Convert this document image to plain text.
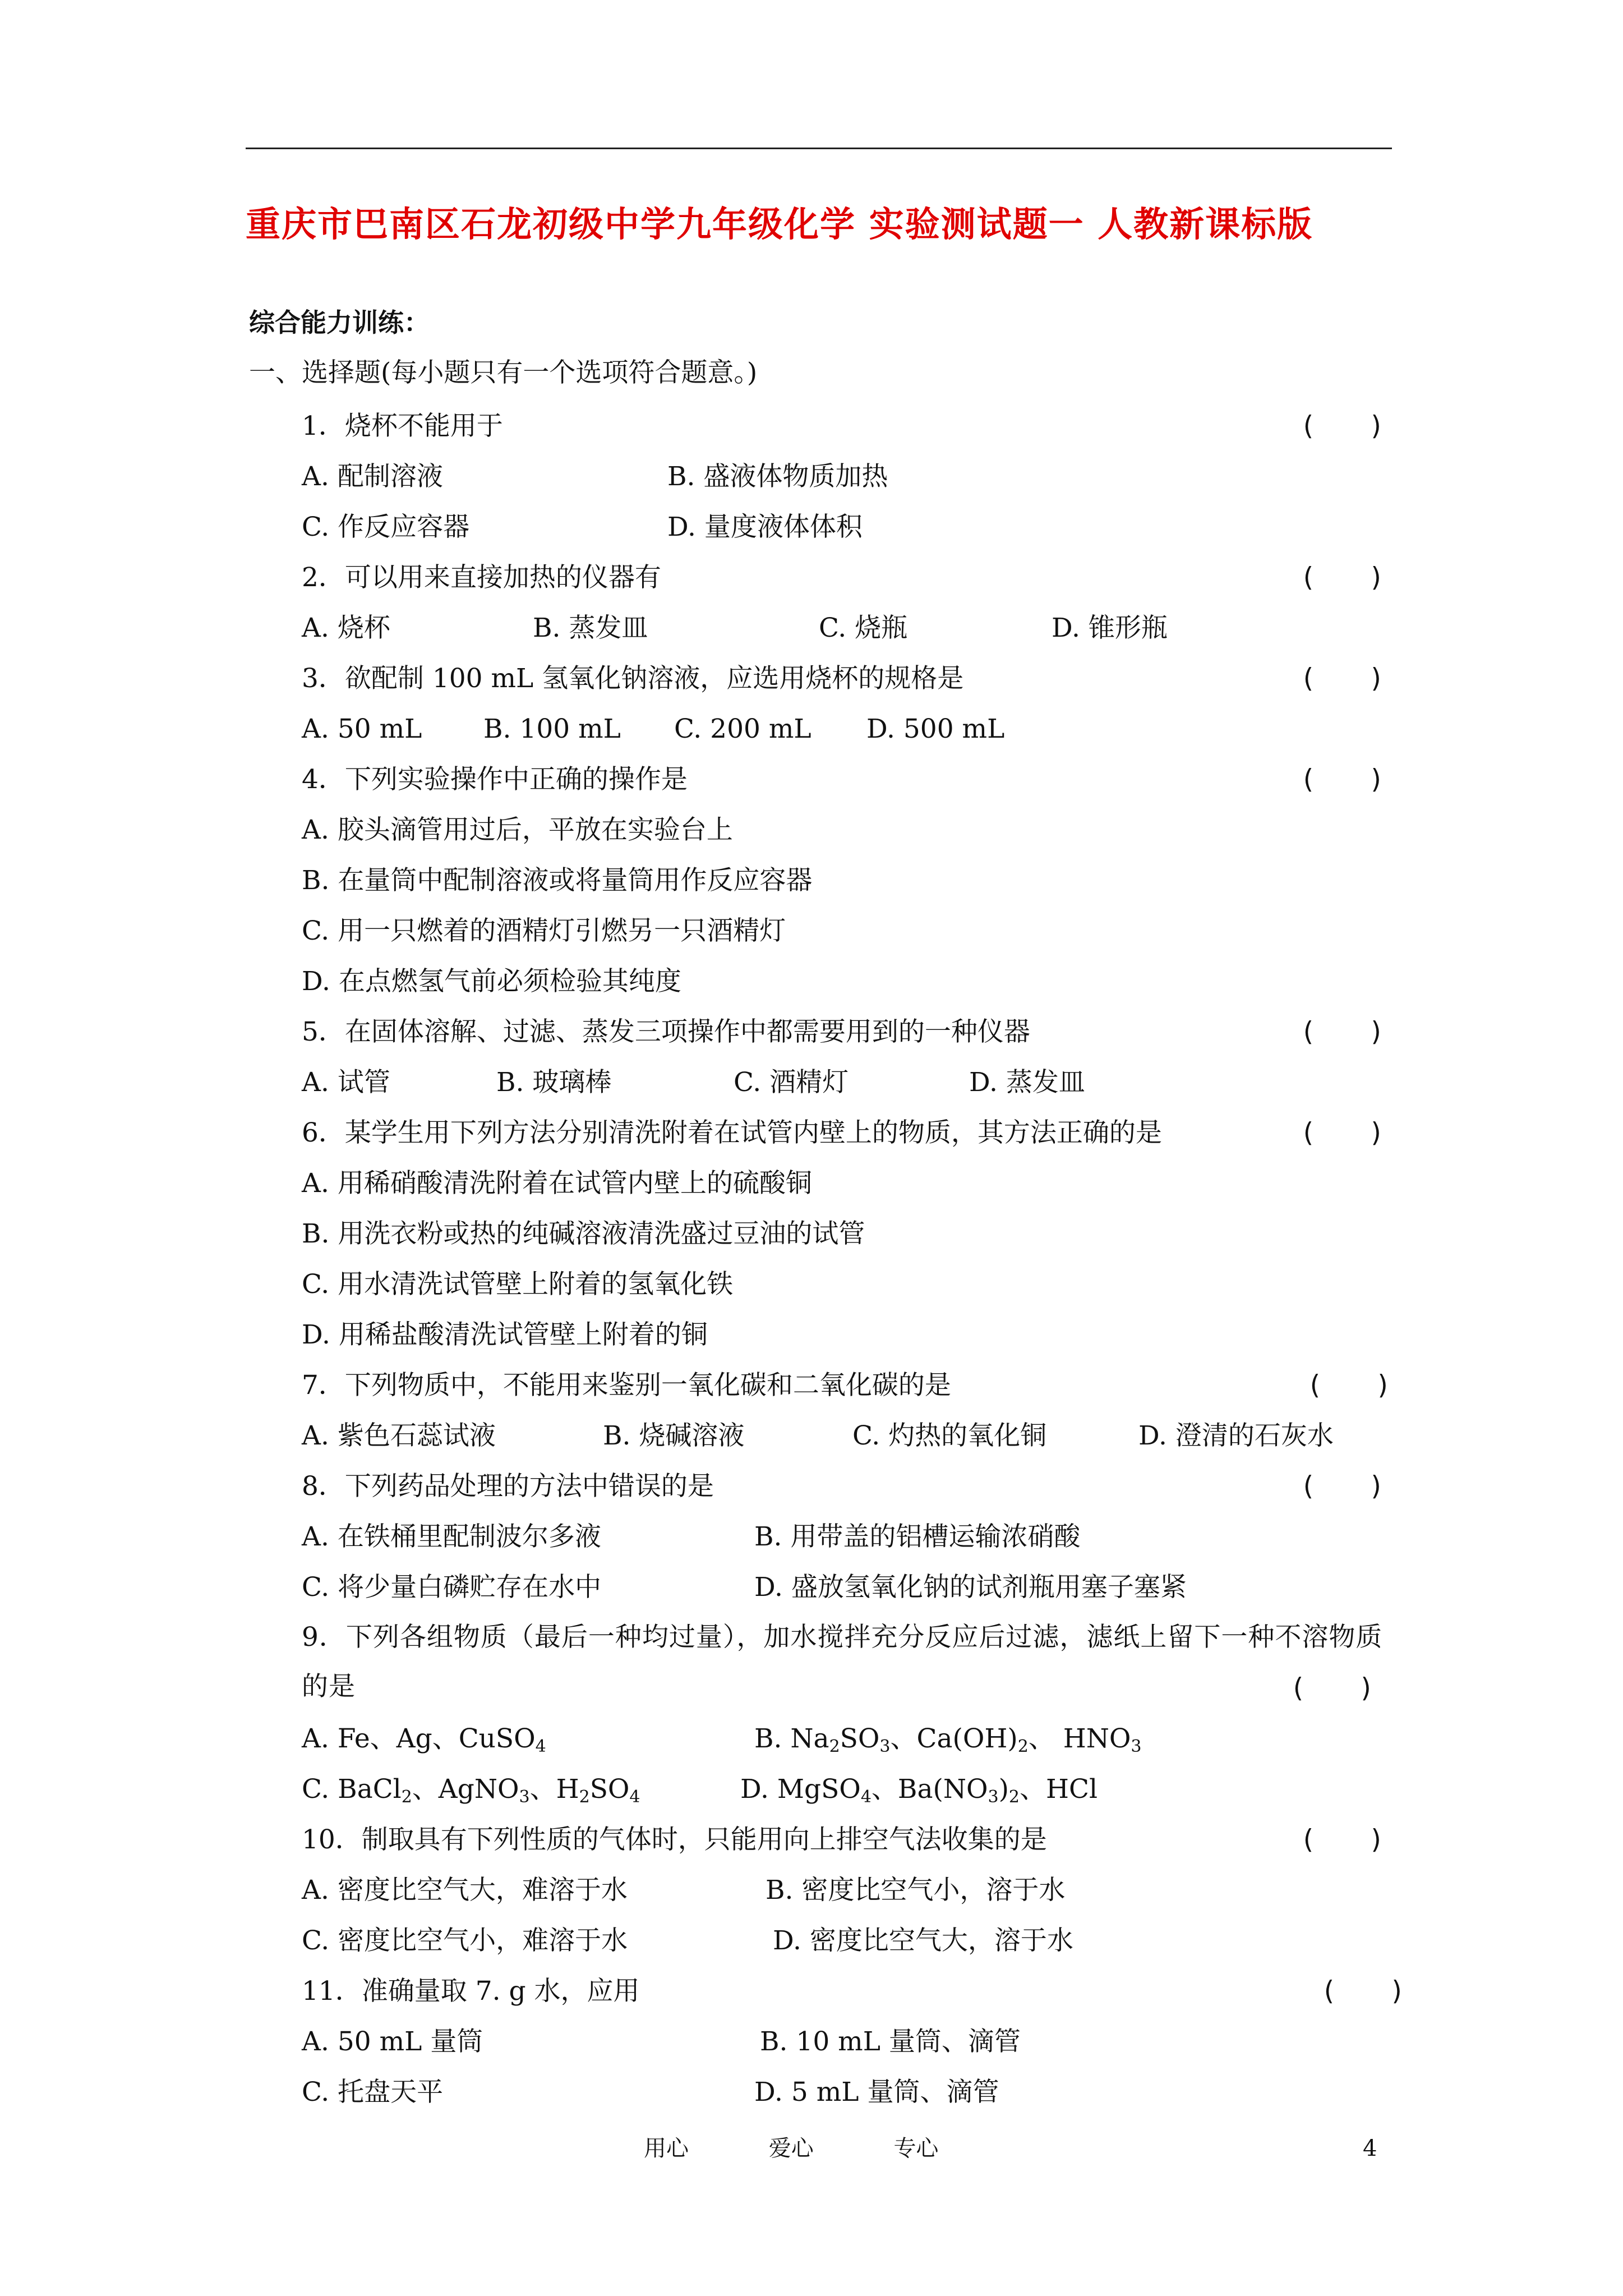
重庆市巴南区石龙初级中学九年级化学 实验测试题一 人教新课标版
综合能力训练：
一、选择题(每小题只有一个选项符合题意。)
1．烧杯不能用于	(　　)
A. 配制溶液	B. 盛液体物质加热
C. 作反应容器	D. 量度液体体积
2．可以用来直接加热的仪器有	(　　)
A. 烧杯	B. 蒸发皿	C. 烧瓶	D. 锥形瓶
3．欲配制 100 mL 氢氧化钠溶液，应选用烧杯的规格是	(　　)
A. 50 mL B. 100 mL C. 200 mL D. 500 mL
4．下列实验操作中正确的操作是	(　　)
A. 胶头滴管用过后，平放在实验台上
B. 在量筒中配制溶液或将量筒用作反应容器
C. 用一只燃着的酒精灯引燃另一只酒精灯
D. 在点燃氢气前必须检验其纯度
5．在固体溶解、过滤、蒸发三项操作中都需要用到的一种仪器	(　　)
A. 试管	B. 玻璃棒	C. 酒精灯	D. 蒸发皿
6．某学生用下列方法分别清洗附着在试管内壁上的物质，其方法正确的是	(　　)
A. 用稀硝酸清洗附着在试管内壁上的硫酸铜
B. 用洗衣粉或热的纯碱溶液清洗盛过豆油的试管
C. 用水清洗试管壁上附着的氢氧化铁
D. 用稀盐酸清洗试管壁上附着的铜
7．下列物质中，不能用来鉴别一氧化碳和二氧化碳的是	(　　)
A. 紫色石蕊试液	B. 烧碱溶液	C. 灼热的氧化铜	D. 澄清的石灰水
8．下列药品处理的方法中错误的是	(　　)
A. 在铁桶里配制波尔多液	B. 用带盖的铝槽运输浓硝酸
C. 将少量白磷贮存在水中	D. 盛放氢氧化钠的试剂瓶用塞子塞紧
9．下列各组物质（最后一种均过量），加水搅拌充分反应后过滤，滤纸上留下一种不溶物质的是	(　　)
A. Fe、Ag、CuSO$_4$	B. $Na_2SO_3$、$Ca(OH)_2$、 $HNO_3$
C. BaCl$_2$、AgNO$_3$、$H_2SO_4$	D. MgSO$_4$、$Ba(NO_3)_2$、HCl
10．制取具有下列性质的气体时，只能用向上排空气法收集的是	(　　)
A. 密度比空气大，难溶于水	B. 密度比空气小，溶于水
C. 密度比空气小，难溶于水	D. 密度比空气大，溶于水
11．准确量取 7. g 水，应用	(　　)
A. 50 mL 量筒	B. 10 mL 量筒、滴管
C. 托盘天平	D. 5 mL 量筒、滴管
用心	爱心	专心	4
